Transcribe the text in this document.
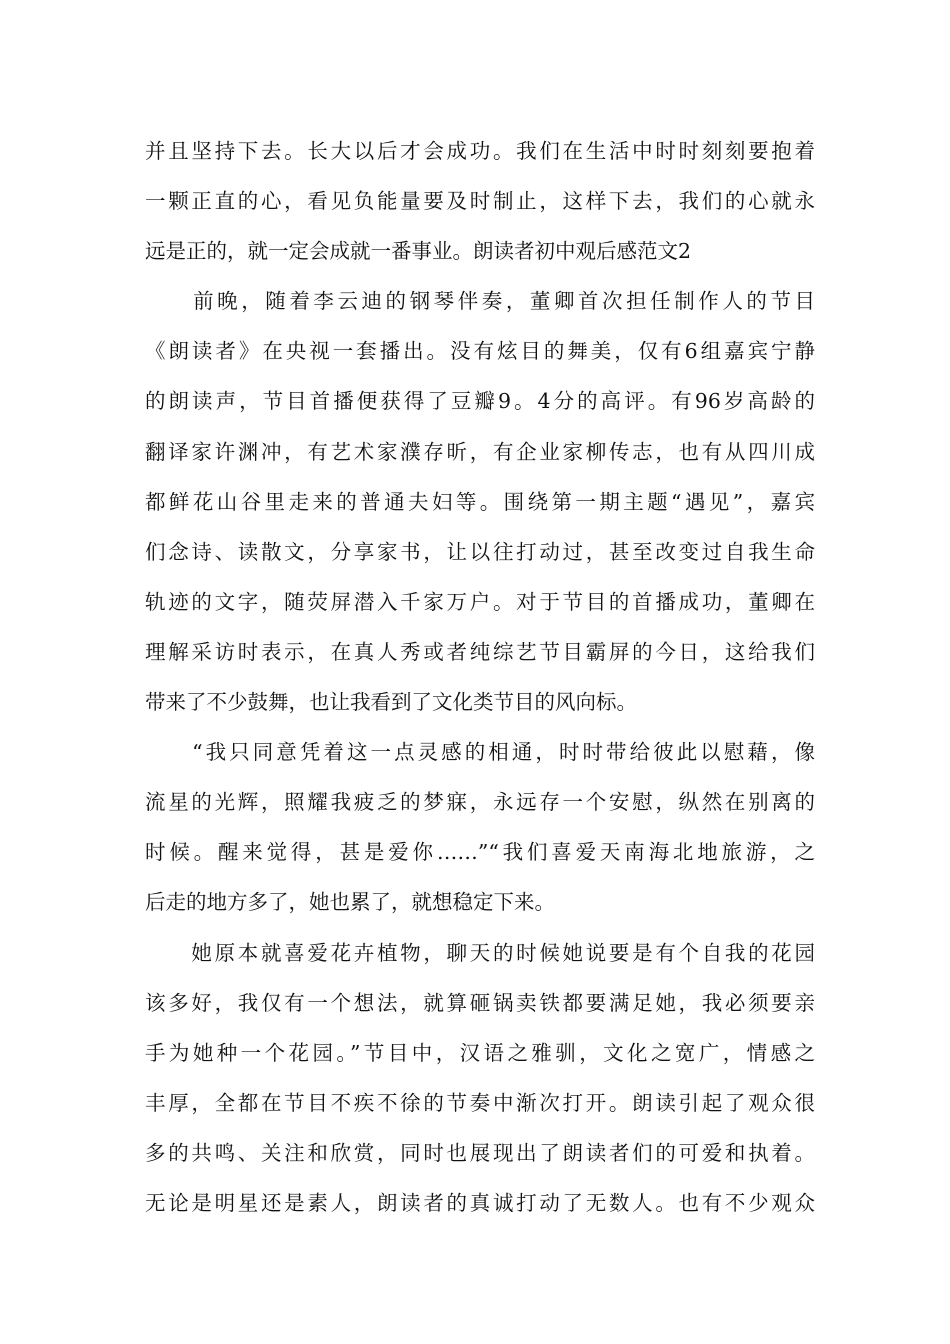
并且坚持下去。长大以后才会成功。我们在生活中时时刻刻要抱着
一颗正直的心，看见负能量要及时制止，这样下去，我们的心就永
远是正的，就一定会成就一番事业。朗读者初中观后感范文2
　　前晚，随着李云迪的钢琴伴奏，董卿首次担任制作人的节目
《朗读者》在央视一套播出。没有炫目的舞美，仅有6组嘉宾宁静
的朗读声，节目首播便获得了豆瓣9。4分的高评。有96岁高龄的
翻译家许渊冲，有艺术家濮存昕，有企业家柳传志，也有从四川成
都鲜花山谷里走来的普通夫妇等。围绕第一期主题“遇见”，嘉宾
们念诗、读散文，分享家书，让以往打动过，甚至改变过自我生命
轨迹的文字，随荧屏潜入千家万户。对于节目的首播成功，董卿在
理解采访时表示，在真人秀或者纯综艺节目霸屏的今日，这给我们
带来了不少鼓舞，也让我看到了文化类节目的风向标。
　　“我只同意凭着这一点灵感的相通，时时带给彼此以慰藉，像
流星的光辉，照耀我疲乏的梦寐，永远存一个安慰，纵然在别离的
时候。醒来觉得，甚是爱你……”“我们喜爱天南海北地旅游，之
后走的地方多了，她也累了，就想稳定下来。
　　她原本就喜爱花卉植物，聊天的时候她说要是有个自我的花园
该多好，我仅有一个想法，就算砸锅卖铁都要满足她，我必须要亲
手为她种一个花园。”节目中，汉语之雅驯，文化之宽广，情感之
丰厚，全都在节目不疾不徐的节奏中渐次打开。朗读引起了观众很
多的共鸣、关注和欣赏，同时也展现出了朗读者们的可爱和执着。
无论是明星还是素人，朗读者的真诚打动了无数人。也有不少观众
